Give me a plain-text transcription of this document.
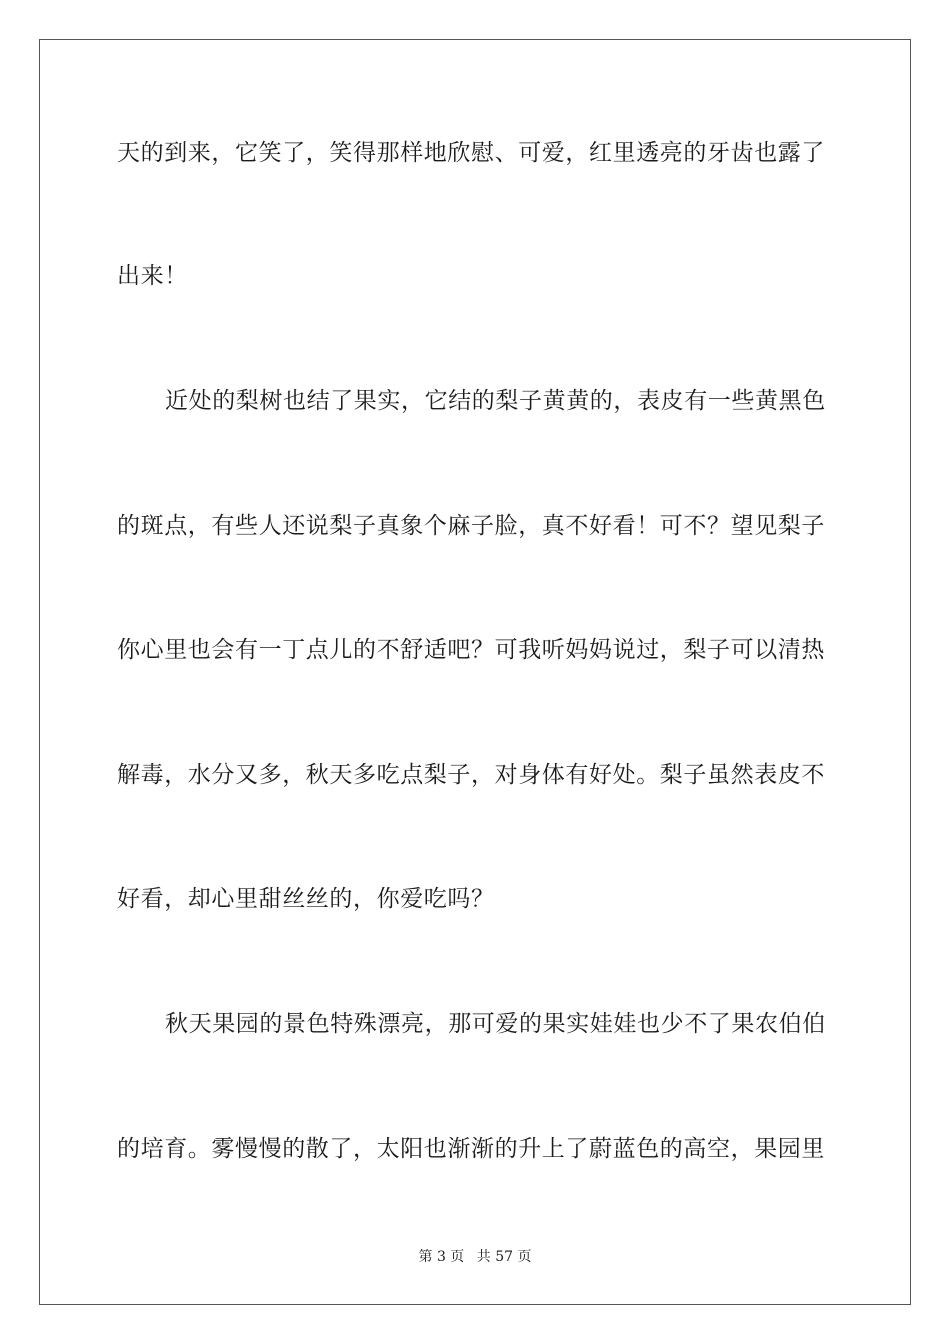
天的到来，它笑了，笑得那样地欣慰、可爱，红里透亮的牙齿也露了

出来！

近处的梨树也结了果实，它结的梨子黄黄的，表皮有一些黄黑色

的斑点，有些人还说梨子真象个麻子脸，真不好看！可不？望见梨子

你心里也会有一丁点儿的不舒适吧？可我听妈妈说过，梨子可以清热

解毒，水分又多，秋天多吃点梨子，对身体有好处。梨子虽然表皮不

好看，却心里甜丝丝的，你爱吃吗？

秋天果园的景色特殊漂亮，那可爱的果实娃娃也少不了果农伯伯

的培育。雾慢慢的散了，太阳也渐渐的升上了蔚蓝色的高空，果园里

第 3 页 共 57 页
